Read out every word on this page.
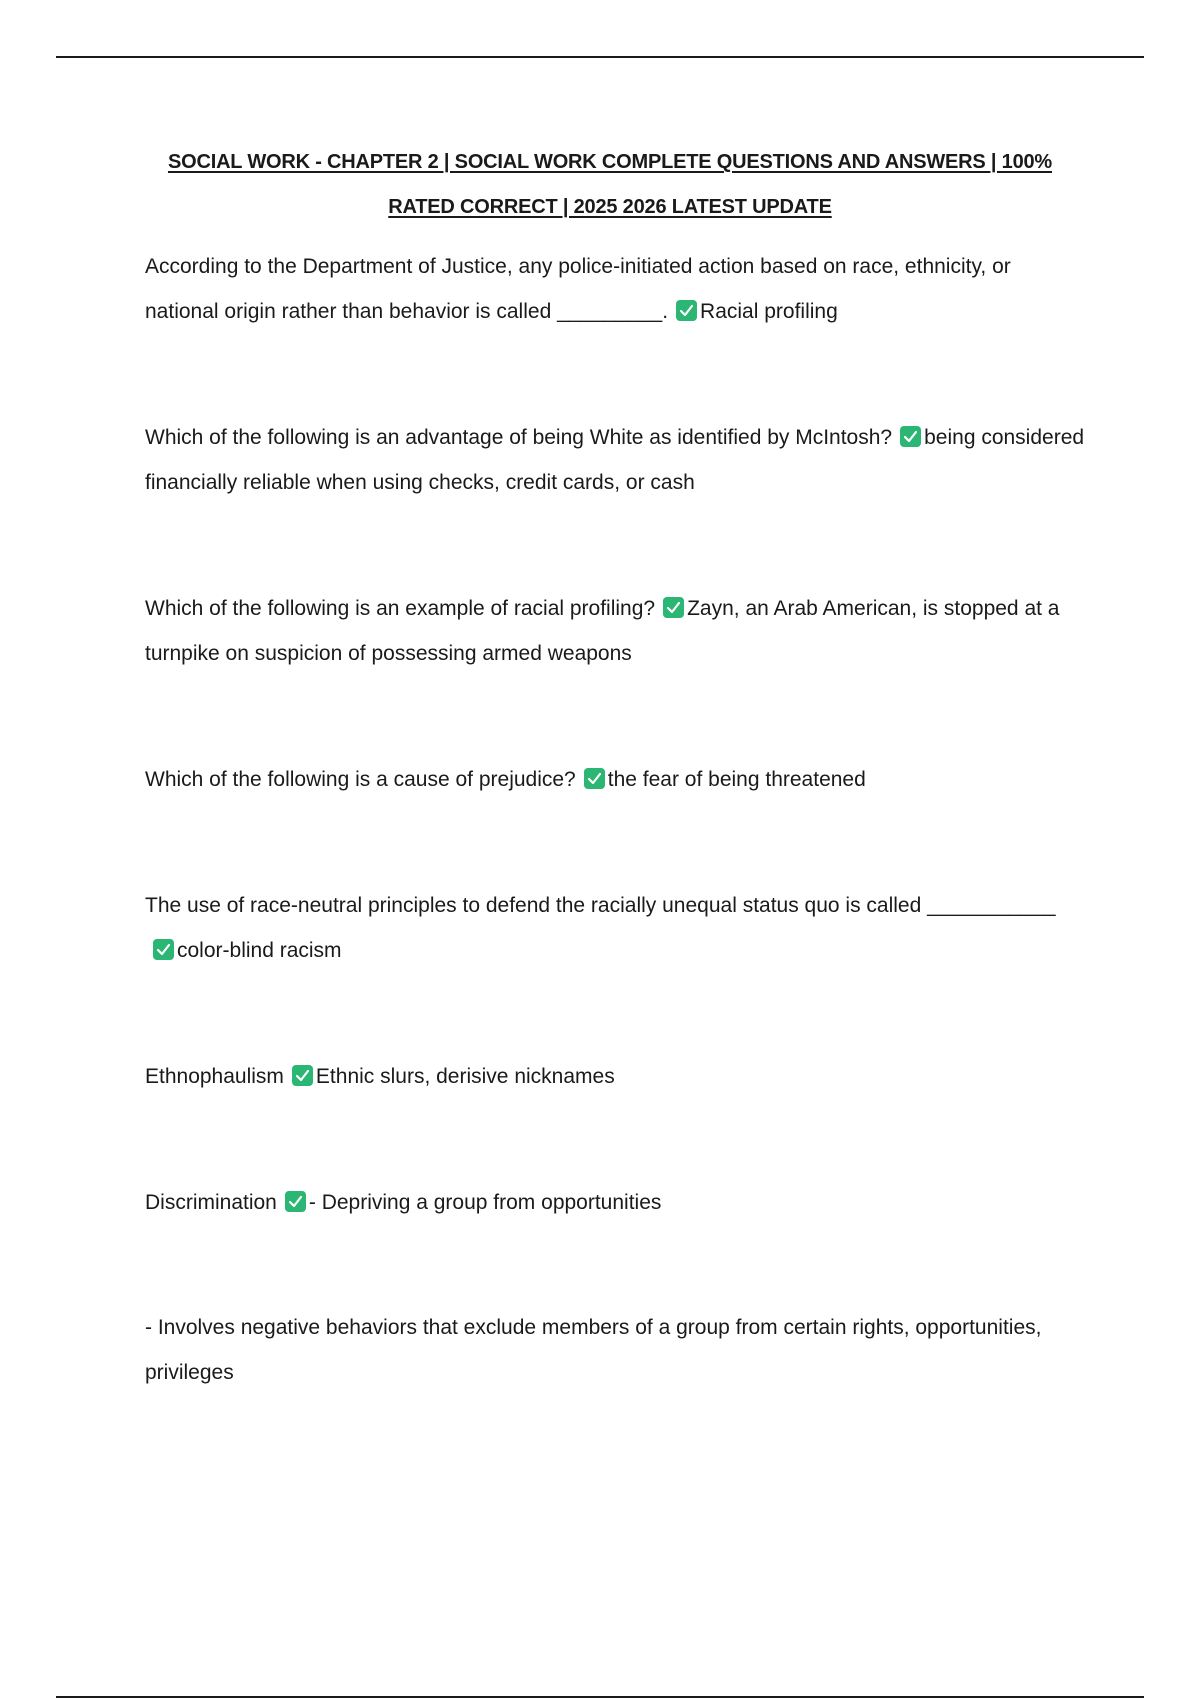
SOCIAL WORK - CHAPTER 2 | SOCIAL WORK COMPLETE QUESTIONS AND ANSWERS | 100%
RATED CORRECT | 2025 2026 LATEST UPDATE

According to the Department of Justice, any police-initiated action based on race, ethnicity, or national origin rather than behavior is called _________. Racial profiling

Which of the following is an advantage of being White as identified by McIntosh? being considered financially reliable when using checks, credit cards, or cash

Which of the following is an example of racial profiling? Zayn, an Arab American, is stopped at a turnpike on suspicion of possessing armed weapons

Which of the following is a cause of prejudice? the fear of being threatened

The use of race-neutral principles to defend the racially unequal status quo is called ___________
color-blind racism

Ethnophaulism Ethnic slurs, derisive nicknames

Discrimination - Depriving a group from opportunities

- Involves negative behaviors that exclude members of a group from certain rights, opportunities, privileges
